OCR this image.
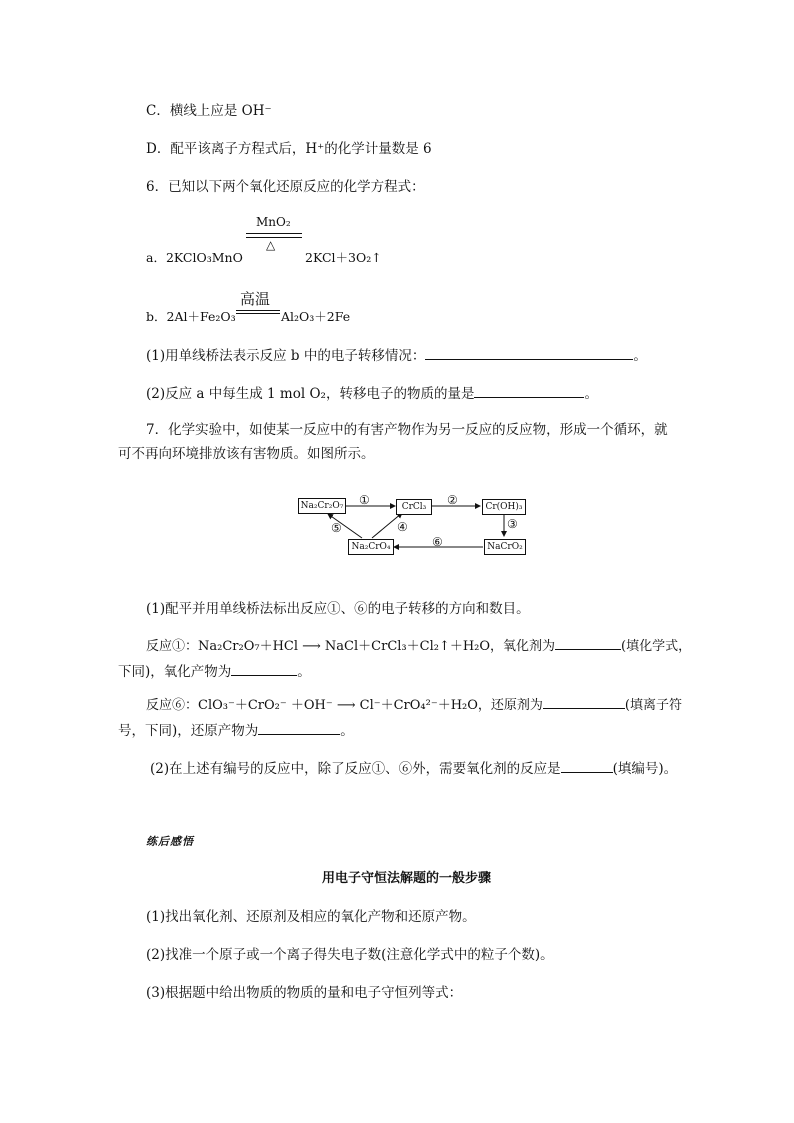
C．横线上应是 OH⁻
D．配平该离子方程式后，H⁺的化学计量数是 6
6．已知以下两个氧化还原反应的化学方程式：
MnO₂
△
a．2KClO₃MnO	2KCl＋3O₂↑
高温
b．2Al＋Fe₂O₃	Al₂O₃＋2Fe
(1)用单线桥法表示反应 b 中的电子转移情况：	。
(2)反应 a 中每生成 1 mol O₂，转移电子的物质的量是	。
7．化学实验中，如使某一反应中的有害产物作为另一反应的反应物，形成一个循环，就
可不再向环境排放该有害物质。如图所示。
Na₂Cr₂O₇	CrCl₃	Cr(OH)₃
Na₂CrO₄	NaCrO₂
①	②
③
④
⑤
⑥
(1)配平并用单线桥法标出反应①、⑥的电子转移的方向和数目。
反应①：Na₂Cr₂O₇＋HCl ⟶ NaCl＋CrCl₃＋Cl₂↑＋H₂O，氧化剂为	(填化学式，
下同)，氧化产物为	。
反应⑥：ClO₃⁻＋CrO₂⁻ ＋OH⁻ ⟶ Cl⁻＋CrO₄²⁻＋H₂O，还原剂为	(填离子符
号，下同)，还原产物为	。
(2)在上述有编号的反应中，除了反应①、⑥外，需要氧化剂的反应是	(填编号)。
练后感悟
用电子守恒法解题的一般步骤
(1)找出氧化剂、还原剂及相应的氧化产物和还原产物。
(2)找准一个原子或一个离子得失电子数(注意化学式中的粒子个数)。
(3)根据题中给出物质的物质的量和电子守恒列等式：
